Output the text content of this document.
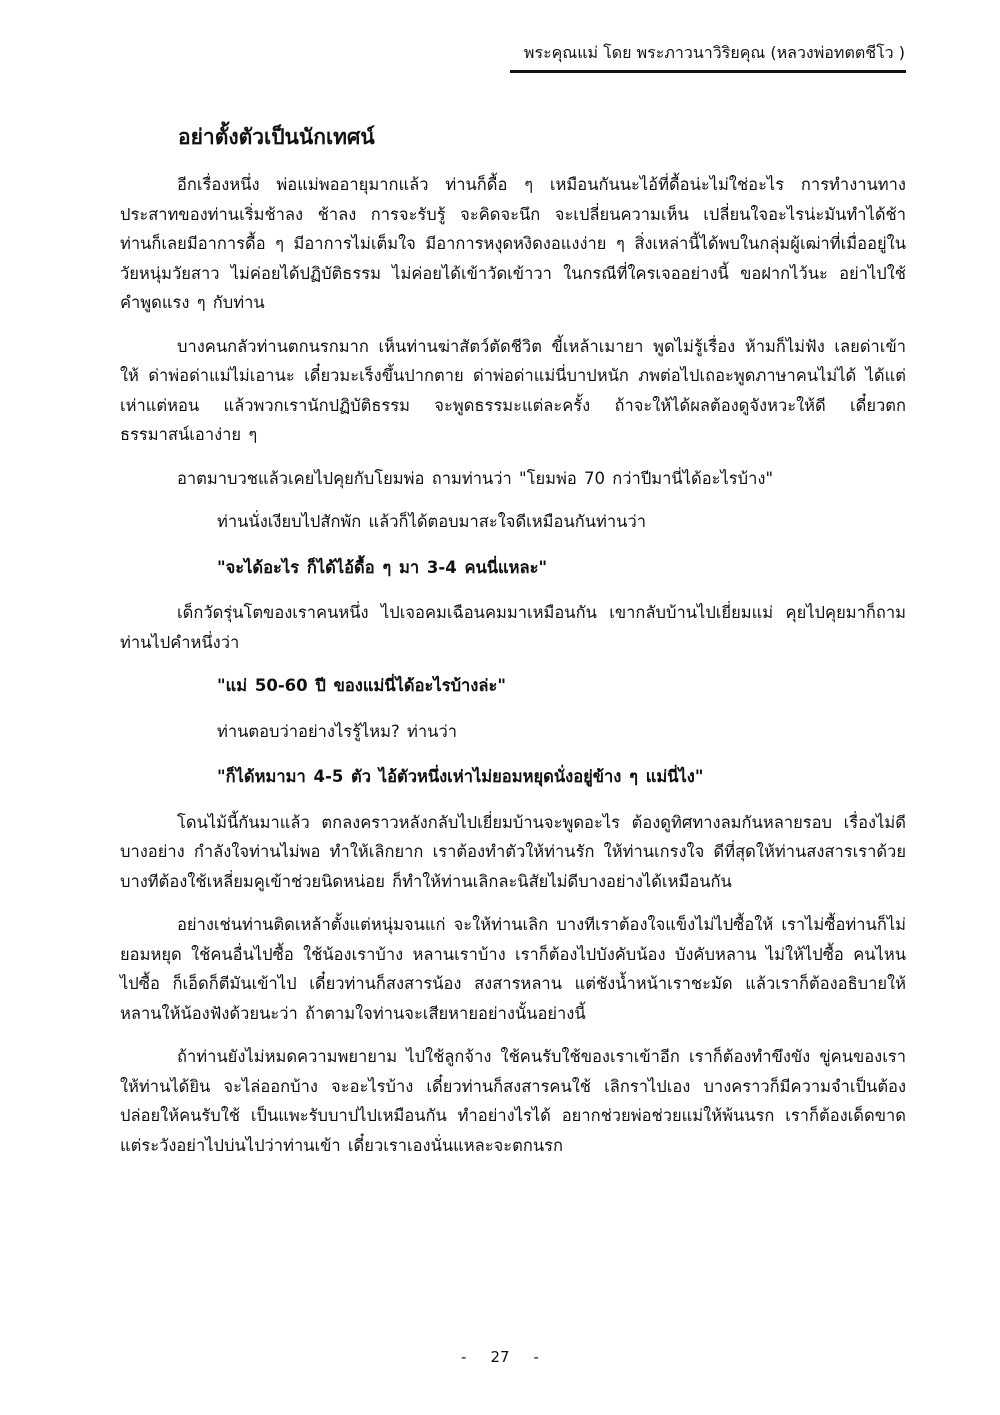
พระคุณแม่ โดย พระภาวนาวิริยคุณ (หลวงพ่อทตตชีโว )
อย่าตั้งตัวเป็นนักเทศน์

อีกเรื่องหนึ่ง พ่อแม่พออายุมากแล้ว ท่านก็ดื้อ ๆ เหมือนกันนะไอ้ที่ดื้อน่ะไม่ใช่อะไร การทำงานทางประสาทของท่านเริ่มช้าลง ช้าลง การจะรับรู้ จะคิดจะนึก จะเปลี่ยนความเห็น เปลี่ยนใจอะไรน่ะมันทำได้ช้า ท่านก็เลยมีอาการดื้อ ๆ มีอาการไม่เต็มใจ มีอาการหงุดหงิดงอแงง่าย ๆ สิ่งเหล่านี้ได้พบในกลุ่มผู้เฒ่าที่เมื่ออยู่ในวัยหนุ่มวัยสาว ไม่ค่อยได้ปฏิบัติธรรม ไม่ค่อยได้เข้าวัดเข้าวา ในกรณีที่ใครเจออย่างนี้ ขอฝากไว้นะ อย่าไปใช้คำพูดแรง ๆ กับท่าน

บางคนกลัวท่านตกนรกมาก เห็นท่านฆ่าสัตว์ตัดชีวิต ขี้เหล้าเมายา พูดไม่รู้เรื่อง ห้ามก็ไม่ฟัง เลยด่าเข้าให้ ด่าพ่อด่าแม่ไม่เอานะ เดี๋ยวมะเร็งขึ้นปากตาย ด่าพ่อด่าแม่นี่บาปหนัก ภพต่อไปเถอะพูดภาษาคนไม่ได้ ได้แต่เห่าแต่หอน แล้วพวกเรานักปฏิบัติธรรม จะพูดธรรมะแต่ละครั้ง ถ้าจะให้ได้ผลต้องดูจังหวะให้ดี เดี๋ยวตกธรรมาสน์เอาง่าย ๆ

อาตมาบวชแล้วเคยไปคุยกับโยมพ่อ ถามท่านว่า "โยมพ่อ 70 กว่าปีมานี่ได้อะไรบ้าง"

ท่านนั่งเงียบไปสักพัก แล้วก็ได้ตอบมาสะใจดีเหมือนกันท่านว่า

"จะได้อะไร ก็ได้ไอ้ดื้อ ๆ มา 3-4 คนนี่แหละ"

เด็กวัดรุ่นโตของเราคนหนึ่ง ไปเจอคมเฉือนคมมาเหมือนกัน เขากลับบ้านไปเยี่ยมแม่ คุยไปคุยมาก็ถามท่านไปคำหนึ่งว่า

"แม่ 50-60 ปี ของแม่นี่ได้อะไรบ้างล่ะ"

ท่านตอบว่าอย่างไรรู้ไหม? ท่านว่า

"ก็ได้หมามา 4-5 ตัว ไอ้ตัวหนึ่งเห่าไม่ยอมหยุดนั่งอยู่ข้าง ๆ แม่นี่ไง"

โดนไม้นี้กันมาแล้ว ตกลงคราวหลังกลับไปเยี่ยมบ้านจะพูดอะไร ต้องดูทิศทางลมกันหลายรอบ เรื่องไม่ดีบางอย่าง กำลังใจท่านไม่พอ ทำให้เลิกยาก เราต้องทำตัวให้ท่านรัก ให้ท่านเกรงใจ ดีที่สุดให้ท่านสงสารเราด้วย บางทีต้องใช้เหลี่ยมคูเข้าช่วยนิดหน่อย ก็ทำให้ท่านเลิกละนิสัยไม่ดีบางอย่างได้เหมือนกัน

อย่างเช่นท่านติดเหล้าตั้งแต่หนุ่มจนแก่ จะให้ท่านเลิก บางทีเราต้องใจแข็งไม่ไปซื้อให้ เราไม่ซื้อท่านก็ไม่ยอมหยุด ใช้คนอื่นไปซื้อ ใช้น้องเราบ้าง หลานเราบ้าง เราก็ต้องไปบังคับน้อง บังคับหลาน ไม่ให้ไปซื้อ คนไหนไปซื้อ ก็เอ็ดก็ตีมันเข้าไป เดี๋ยวท่านก็สงสารน้อง สงสารหลาน แต่ชังน้ำหน้าเราชะมัด แล้วเราก็ต้องอธิบายให้หลานให้น้องฟังด้วยนะว่า ถ้าตามใจท่านจะเสียหายอย่างนั้นอย่างนี้

ถ้าท่านยังไม่หมดความพยายาม ไปใช้ลูกจ้าง ใช้คนรับใช้ของเราเข้าอีก เราก็ต้องทำขึงขัง ขู่คนของเราให้ท่านได้ยิน จะไล่ออกบ้าง จะอะไรบ้าง เดี๋ยวท่านก็สงสารคนใช้ เลิกราไปเอง บางคราวก็มีความจำเป็นต้องปล่อยให้คนรับใช้ เป็นแพะรับบาปไปเหมือนกัน ทำอย่างไรได้ อยากช่วยพ่อช่วยแม่ให้พ้นนรก เราก็ต้องเด็ดขาด แต่ระวังอย่าไปบ่นไปว่าท่านเข้า เดี๋ยวเราเองนั่นแหละจะตกนรก

- 27 -
